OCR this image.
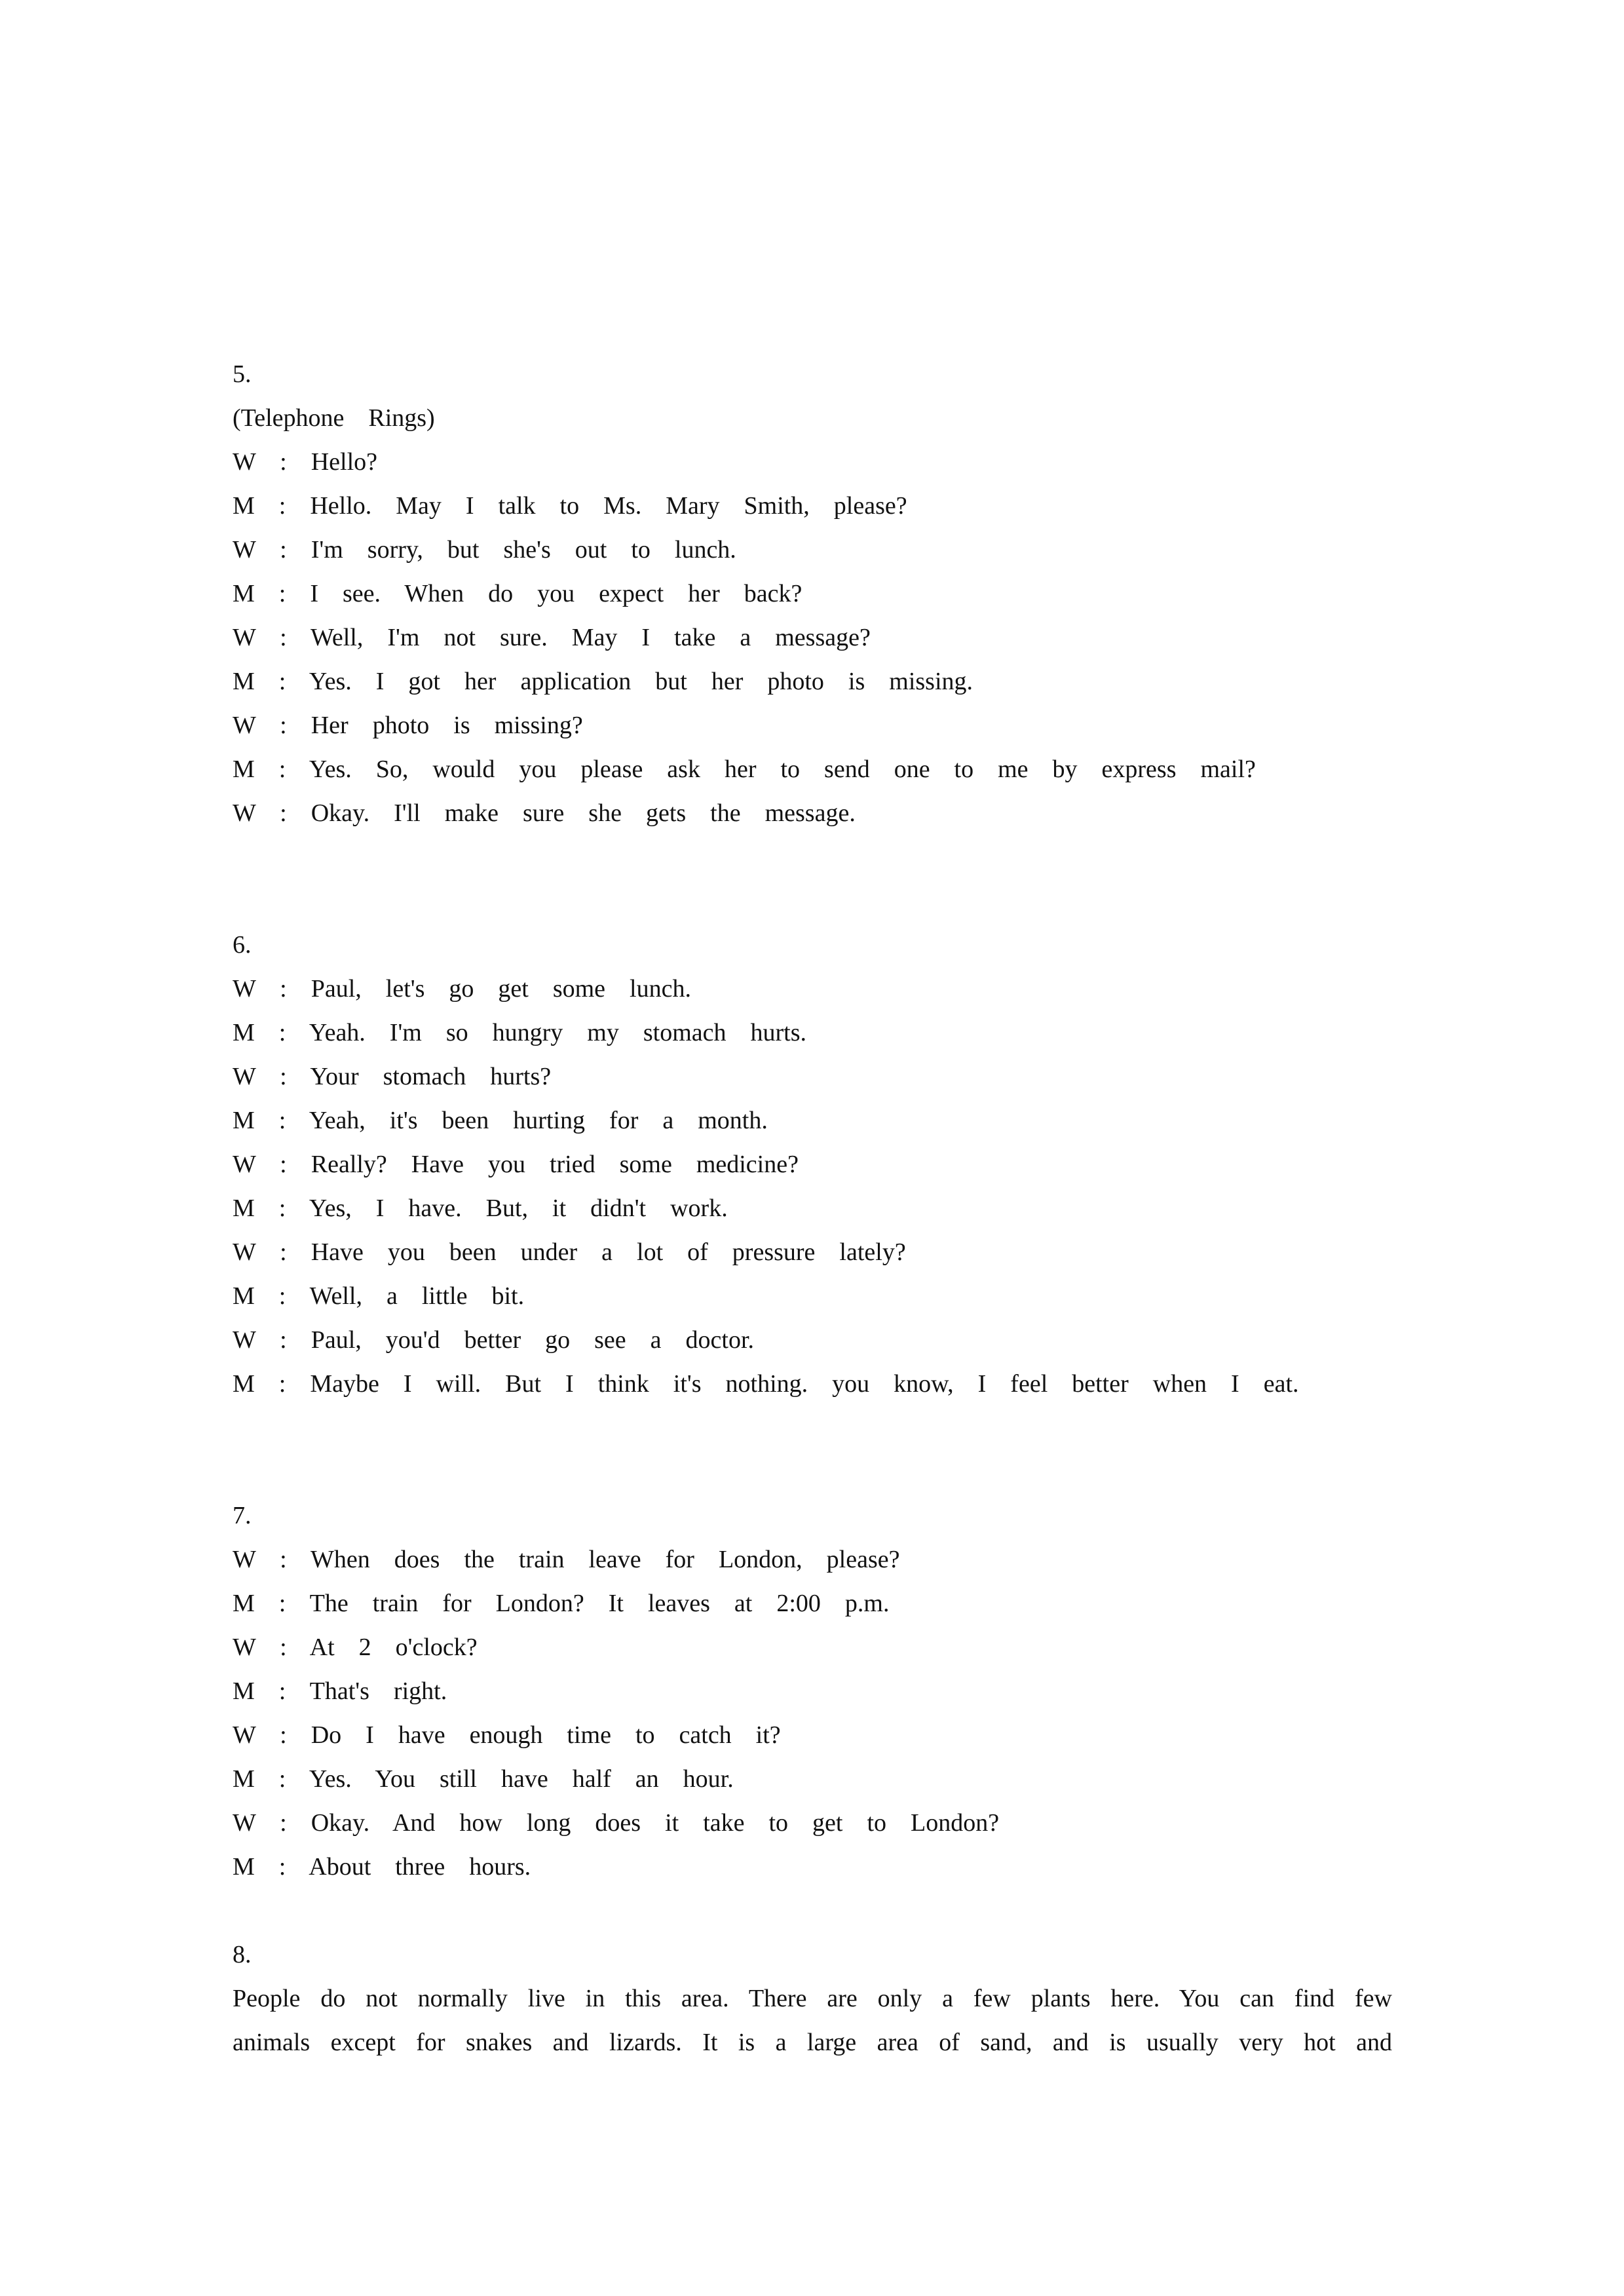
5.
(Telephone  Rings)
W  :  Hello?
M  :  Hello.  May  I  talk  to  Ms.  Mary  Smith,  please?
W  :  I'm  sorry,  but  she's  out  to  lunch.
M  :  I  see.  When  do  you  expect  her  back?
W  :  Well,  I'm  not  sure.  May  I  take  a  message?
M  :  Yes.  I  got  her  application  but  her  photo  is  missing.
W  :  Her  photo  is  missing?
M  :  Yes.  So,  would  you  please  ask  her  to  send  one  to  me  by  express  mail?
W  :  Okay.  I'll  make  sure  she  gets  the  message.
6.
W  :  Paul,  let's  go  get  some  lunch.
M  :  Yeah.  I'm  so  hungry  my  stomach  hurts.
W  :  Your  stomach  hurts?
M  :  Yeah,  it's  been  hurting  for  a  month.
W  :  Really?  Have  you  tried  some  medicine?
M  :  Yes,  I  have.  But,  it  didn't  work.
W  :  Have  you  been  under  a  lot  of  pressure  lately?
M  :  Well,  a  little  bit.
W  :  Paul,  you'd  better  go  see  a  doctor.
M  :  Maybe  I  will.  But  I  think  it's  nothing.  you  know,  I  feel  better  when  I  eat.
7.
W  :  When  does  the  train  leave  for  London,  please?
M  :  The  train  for  London?  It  leaves  at  2:00  p.m.
W  :  At  2  o'clock?
M  :  That's  right.
W  :  Do  I  have  enough  time  to  catch  it?
M  :  Yes.  You  still  have  half  an  hour.
W  :  Okay.  And  how  long  does  it  take  to  get  to  London?
M  :  About  three  hours.
8.
People do not normally live in this area. There are only a few plants here. You can find few
animals except for snakes and lizards. It is a large area of sand, and is usually very hot and
